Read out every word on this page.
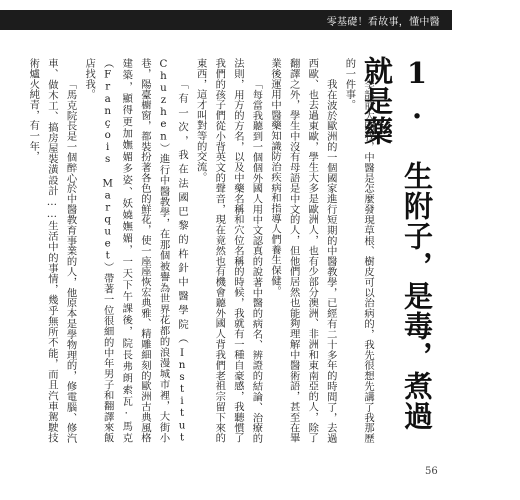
零基礎！看故事，懂中醫
1. 生附子，是毒，煮過就是藥

李韶前大問我，中醫是怎麼發現草根、樹皮可以治病的，我先很想先講了我那歷的一件事。

我在波於歐洲的一個國家進行短期的中醫教學，已經有二十多年的時間了，去過西歐、也去過東歐，學生大多是歐洲人，也有少部分澳洲、非洲和東南亞的人，除了翻譯之外，學生中沒有母語是中文的人，但他們居然也能夠理解中醫術語，甚至在畢業後運用中醫藥知識防治疾病和指導人們養生保健。

「每當我聽到一個個外國人用中文認真的說著中醫的病名、辨證的結論、治療的法則，用方的方名，以及中藥名稱和穴位名稱的時候，我就有一種自豪感，我聽慣了我們的孩子們從小背英文的聲音，現在竟然也有機會聽外國人背我們老祖宗留下來的東西，這才叫對等的交流。

「有一次，我在法國巴黎的杵針中醫學院（Institut Chuzhen）進行中醫教學，在那個被譽為世界花都的浪漫城市裡，大街小巷，陽臺櫥窗，都裝扮著各色的鮮花，使一座座恢宏典雅、精雕細刻的歐洲古典風格建築，顯得更加嫵媚多姿、妖嬈嫵媚，一天下午課後，院長弗朗索瓦·馬克（François Marquet）帶著一位很細的中年男子和翻譯來飯店找我。

「馬克院長是一個醉心於中醫教育事業的人，他原本是學物理的，修電腦、修汽車、做木工、搞房屋裝潢設計……生活中的事情，幾乎無所不能，而且汽車駕駛技術爐火純青，有一年，

56
